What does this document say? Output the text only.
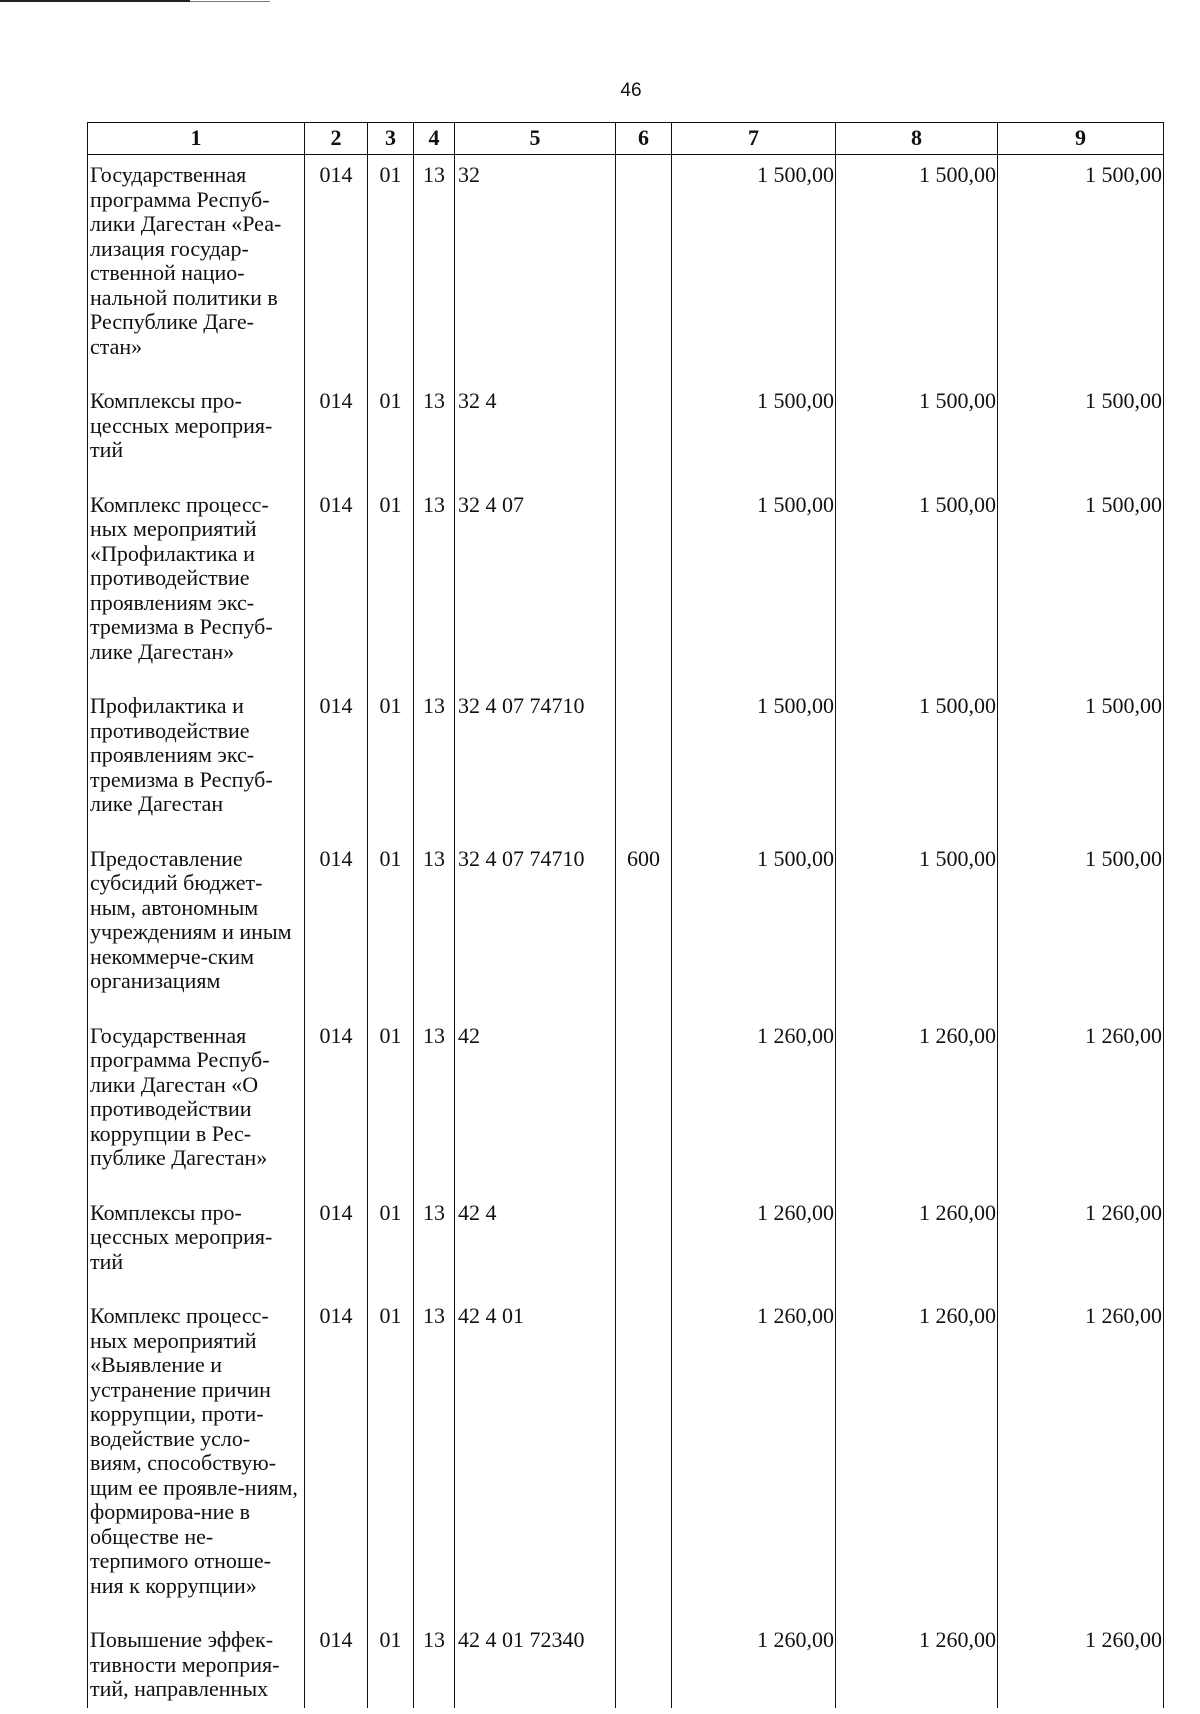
46
1	2	3	4	5	6	7	8	9
Государственная программа Респуб-лики Дагестан «Реа-лизация государ-ственной нацио-нальной политики в Республике Даге-стан»	014	01	13	32		1 500,00	1 500,00	1 500,00
Комплексы про-цессных мероприя-тий	014	01	13	32 4		1 500,00	1 500,00	1 500,00
Комплекс процесс-ных мероприятий «Профилактика и противодействие проявлениям экс-тремизма в Респуб-лике Дагестан»	014	01	13	32 4 07		1 500,00	1 500,00	1 500,00
Профилактика и противодействие проявлениям экс-тремизма в Респуб-лике Дагестан	014	01	13	32 4 07 74710		1 500,00	1 500,00	1 500,00
Предоставление субсидий бюджет-ным, автономным учреждениям и иным некоммерче-ским организациям	014	01	13	32 4 07 74710	600	1 500,00	1 500,00	1 500,00
Государственная программа Респуб-лики Дагестан «О противодействии коррупции в Рес-публике Дагестан»	014	01	13	42		1 260,00	1 260,00	1 260,00
Комплексы про-цессных мероприя-тий	014	01	13	42 4		1 260,00	1 260,00	1 260,00
Комплекс процесс-ных мероприятий «Выявление и устранение причин коррупции, проти-водействие усло-виям, способствую-щим ее проявле-ниям, формирова-ние в обществе не-терпимого отноше-ния к коррупции»	014	01	13	42 4 01		1 260,00	1 260,00	1 260,00
Повышение эффек-тивности мероприя-тий, направленных	014	01	13	42 4 01 72340		1 260,00	1 260,00	1 260,00
